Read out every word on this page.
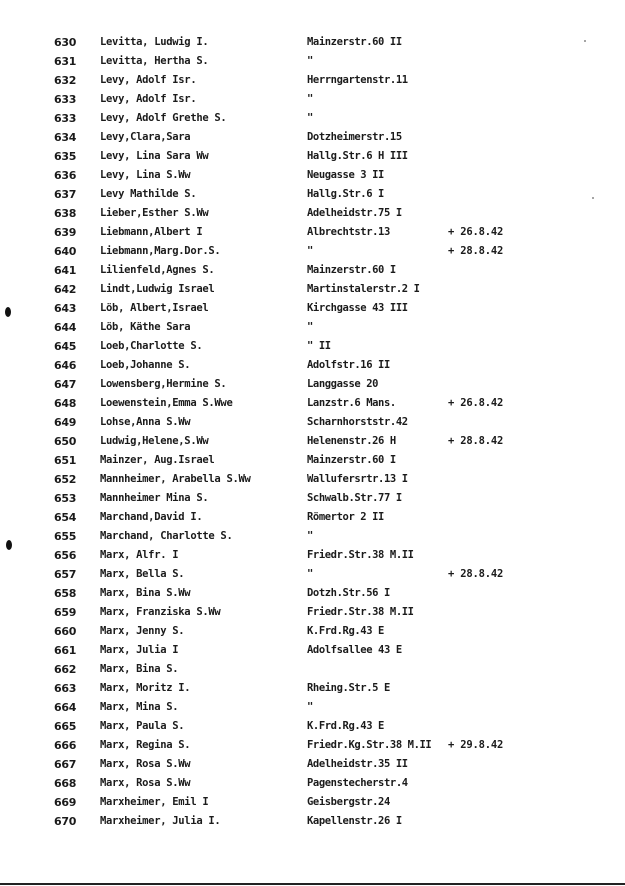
630	Levitta, Ludwig I.	Mainzerstr.60 II
631	Levitta, Hertha S.	"
632	Levy, Adolf Isr.	Herrngartenstr.11
633	Levy, Adolf Isr.	"
633	Levy, Adolf Grethe S.	"
634	Levy,Clara,Sara	Dotzheimerstr.15
635	Levy, Lina Sara Ww	Hallg.Str.6 H III
636	Levy, Lina S.Ww	Neugasse 3 II
637	Levy Mathilde S.	Hallg.Str.6 I
638	Lieber,Esther S.Ww	Adelheidstr.75 I
639	Liebmann,Albert I	Albrechtstr.13	+ 26.8.42
640	Liebmann,Marg.Dor.S.	"	+ 28.8.42
641	Lilienfeld,Agnes S.	Mainzerstr.60 I
642	Lindt,Ludwig Israel	Martinstalerstr.2 I
643	Löb, Albert,Israel	Kirchgasse 43 III
644	Löb, Käthe Sara	"
645	Loeb,Charlotte S.	" II
646	Loeb,Johanne S.	Adolfstr.16 II
647	Lowensberg,Hermine S.	Langgasse 20
648	Loewenstein,Emma S.Wwe	Lanzstr.6 Mans.	+ 26.8.42
649	Lohse,Anna S.Ww	Scharnhorststr.42
650	Ludwig,Helene,S.Ww	Helenenstr.26 H	+ 28.8.42
651	Mainzer, Aug.Israel	Mainzerstr.60 I
652	Mannheimer, Arabella S.Ww	Wallufersrtr.13 I
653	Mannheimer Mina S.	Schwalb.Str.77 I
654	Marchand,David I.	Römertor 2 II
655	Marchand, Charlotte S.	"
656	Marx, Alfr. I	Friedr.Str.38 M.II
657	Marx, Bella S.	"	+ 28.8.42
658	Marx, Bina S.Ww	Dotzh.Str.56 I
659	Marx, Franziska S.Ww	Friedr.Str.38 M.II
660	Marx, Jenny S.	K.Frd.Rg.43 E
661	Marx, Julia I	Adolfsallee 43 E
662	Marx, Bina S.
663	Marx, Moritz I.	Rheing.Str.5 E
664	Marx, Mina S.	"
665	Marx, Paula S.	K.Frd.Rg.43 E
666	Marx, Regina S.	Friedr.Kg.Str.38 M.II	+ 29.8.42
667	Marx, Rosa S.Ww	Adelheidstr.35 II
668	Marx, Rosa S.Ww	Pagenstecherstr.4
669	Marxheimer, Emil I	Geisbergstr.24
670	Marxheimer, Julia I.	Kapellenstr.26 I
